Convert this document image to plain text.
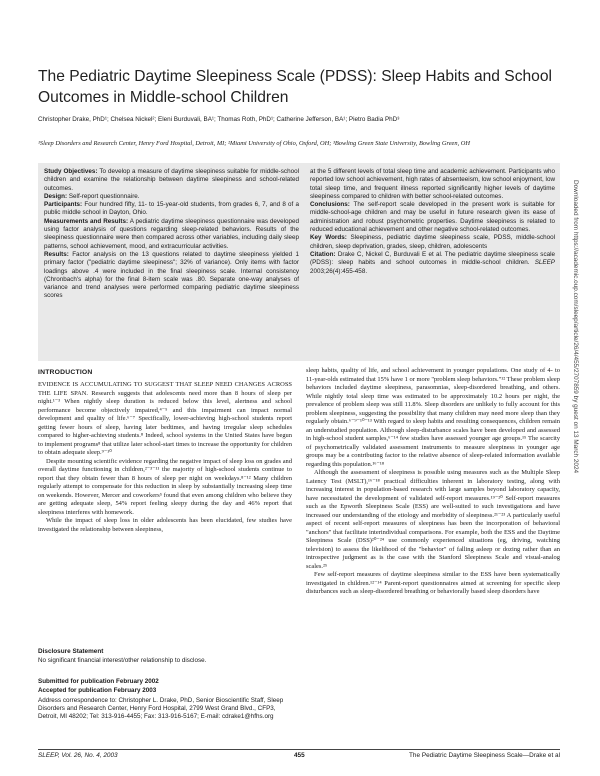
The Pediatric Daytime Sleepiness Scale (PDSS): Sleep Habits and School Outcomes in Middle-school Children
Christopher Drake, PhD¹; Chelsea Nickel²; Eleni Burduvali, BA¹; Thomas Roth, PhD¹; Catherine Jefferson, BA¹; Pietro Badia PhD³
¹Sleep Disorders and Research Center, Henry Ford Hospital, Detroit, MI; ²Miami University of Ohio, Oxford, OH; ³Bowling Green State University, Bowling Green, OH

Study Objectives: To develop a measure of daytime sleepiness suitable for middle-school children and examine the relationship between daytime sleepiness and school-related outcomes.

Design: Self-report questionnaire.

Participants: Four hundred fifty, 11- to 15-year-old students, from grades 6, 7, and 8 of a public middle school in Dayton, Ohio.

Measurements and Results: A pediatric daytime sleepiness questionnaire was developed using factor analysis of questions regarding sleep-related behaviors. Results of the sleepiness questionnaire were then compared across other variables, including daily sleep patterns, school achievement, mood, and extracurricular activities.

Results: Factor analysis on the 13 questions related to daytime sleepiness yielded 1 primary factor ("pediatric daytime sleepiness"; 32% of variance). Only items with factor loadings above .4 were included in the final sleepiness scale. Internal consistency (Chronbach's alpha) for the final 8-item scale was .80. Separate one-way analyses of variance and trend analyses were performed comparing pediatric daytime sleepiness scores

at the 5 different levels of total sleep time and academic achievement. Participants who reported low school achievement, high rates of absenteeism, low school enjoyment, low total sleep time, and frequent illness reported significantly higher levels of daytime sleepiness compared to children with better school-related outcomes.

Conclusions: The self-report scale developed in the present work is suitable for middle-school-age children and may be useful in future research given its ease of administration and robust psychometric properties. Daytime sleepiness is related to reduced educational achievement and other negative school-related outcomes.

Key Words: Sleepiness, pediatric daytime sleepiness scale, PDSS, middle-school children, sleep deprivation, grades, sleep, children, adolescents

Citation: Drake C, Nickel C, Burduvali E et al. The pediatric daytime sleepiness scale (PDSS): sleep habits and school outcomes in middle-school children. SLEEP 2003;26(4):455-458.

INTRODUCTION

EVIDENCE IS ACCUMULATING TO SUGGEST THAT SLEEP NEED CHANGES ACROSS THE LIFE SPAN. Research suggests that adolescents need more than 8 hours of sleep per night.¹⁻³ When nightly sleep duration is reduced below this level, alertness and school performance become objectively impaired,⁴⁻⁵ and this impairment can impact normal development and quality of life.⁶⁻⁷ Specifically, lower-achieving high-school students report getting fewer hours of sleep, having later bedtimes, and having irregular sleep schedules compared to higher-achieving students.⁸ Indeed, school systems in the United States have begun to implement programs⁸ that utilize later school-start times to increase the opportunity for children to obtain adequate sleep.⁹⁻¹⁰

Despite mounting scientific evidence regarding the negative impact of sleep loss on grades and overall daytime functioning in children,²⁻³⁻¹¹ the majority of high-school students continue to report that they obtain fewer than 8 hours of sleep per night on weekdays.⁸⁻¹² Many children regularly attempt to compensate for this reduction in sleep by substantially increasing sleep time on weekends. However, Mercer and coworkers⁵ found that even among children who believe they are getting adequate sleep, 54% report feeling sleepy during the day and 46% report that sleepiness interferes with homework.

While the impact of sleep loss in older adolescents has been elucidated, few studies have investigated the relationship between sleepiness,

sleep habits, quality of life, and school achievement in younger populations. One study of 4- to 11-year-olds estimated that 15% have 1 or more "problem sleep behaviors."¹² These problem sleep behaviors included daytime sleepiness, parasomnias, sleep-disordered breathing, and others. While nightly total sleep time was estimated to be approximately 10.2 hours per night, the prevalence of problem sleep was still 11.8%. Sleep disorders are unlikely to fully account for this problem sleepiness, suggesting the possibility that many children may need more sleep than they regularly obtain.⁶⁻⁹⁻¹⁰⁻¹³ With regard to sleep habits and resulting consequences, children remain an understudied population. Although sleep-disturbance scales have been developed and assessed in high-school student samples,⁶⁻¹⁴ few studies have assessed younger age groups.¹⁵ The scarcity of psychometrically validated assessment instruments to measure sleepiness in younger age groups may be a contributing factor to the relative absence of sleep-related information available regarding this population.¹⁶⁻¹⁸

Although the assessment of sleepiness is possible using measures such as the Multiple Sleep Latency Test (MSLT),¹⁶⁻¹⁸ practical difficulties inherent in laboratory testing, along with increasing interest in population-based research with large samples beyond laboratory capacity, have necessitated the development of validated self-report measures.¹⁹⁻²⁰ Self-report measures such as the Epworth Sleepiness Scale (ESS) are well-suited to such investigations and have increased our understanding of the etiology and morbidity of sleepiness.²¹⁻²³ A particularly useful aspect of recent self-report measures of sleepiness has been the incorporation of behavioral "anchors" that facilitate interindividual comparisons. For example, both the ESS and the Daytime Sleepiness Scale (DSS)²⁰⁻²⁴ use commonly experienced situations (eg, driving, watching television) to assess the likelihood of the "behavior" of falling asleep or dozing rather than an introspective judgment as is the case with the Stanford Sleepiness Scale and visual-analog scales.²⁵

Few self-report measures of daytime sleepiness similar to the ESS have been systematically investigated in children.¹²⁻¹⁴ Parent-report questionnaires aimed at screening for specific sleep disturbances such as sleep-disordered breathing or behaviorally based sleep disorders have

Disclosure Statement
No significant financial interest/other relationship to disclose.
Submitted for publication February 2002
Accepted for publication February 2003
Address correspondence to: Christopher L. Drake, PhD, Senior Bioscientific Staff, Sleep Disorders and Research Center, Henry Ford Hospital, 2799 West Grand Blvd., CFP3, Detroit, MI 48202; Tel: 313-916-4455; Fax: 313-916-5167; E-mail: cdrake1@hfhs.org
SLEEP, Vol. 26, No. 4, 2003	455	The Pediatric Daytime Sleepiness Scale—Drake et al
Downloaded from https://academic.oup.com/sleep/article/26/4/455/2707859 by guest on 13 March 2024
